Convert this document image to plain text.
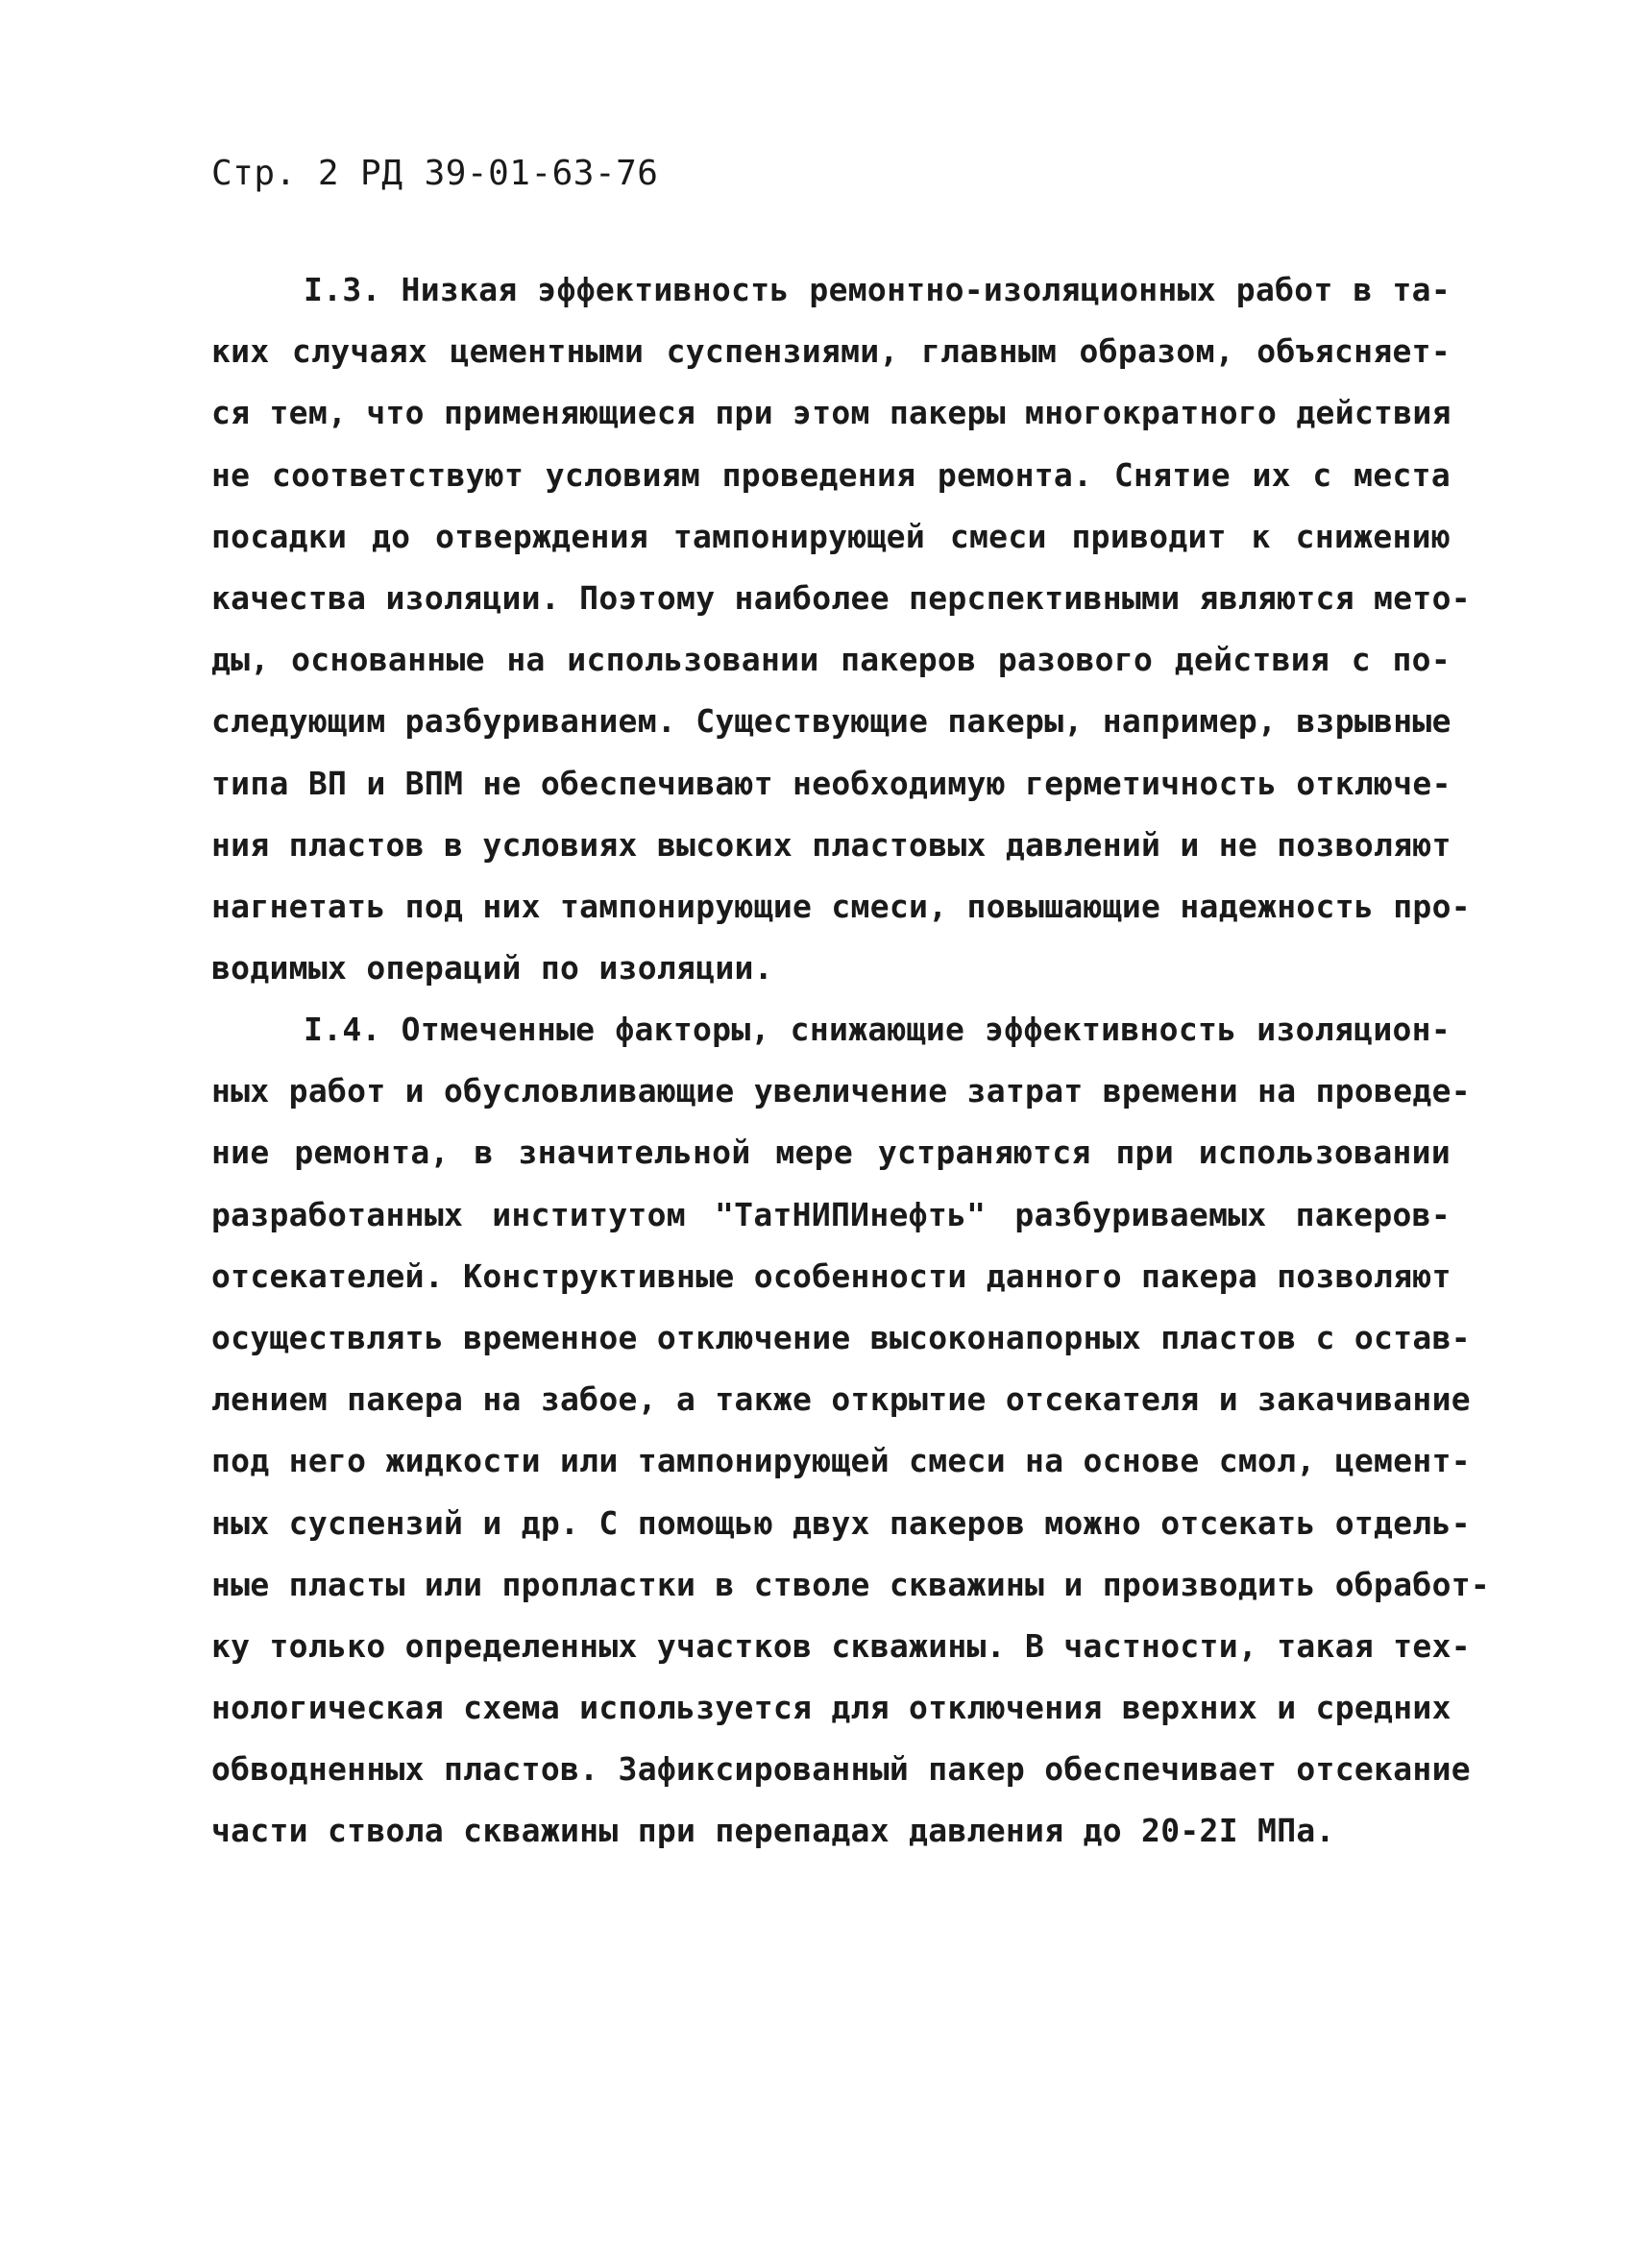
Стр. 2 РД 39-01-63-76
I.3. Низкая эффективность ремонтно-изоляционных работ в та-
ких случаях цементными суспензиями, главным образом, объясняет-
ся тем, что применяющиеся при этом пакеры многократного действия
не соответствуют условиям проведения ремонта. Снятие их с места
посадки до отверждения тампонирующей смеси приводит к снижению
качества изоляции. Поэтому наиболее перспективными являются мето-
ды, основанные на использовании пакеров разового действия с по-
следующим разбуриванием. Существующие пакеры, например, взрывные
типа ВП и ВПМ не обеспечивают необходимую герметичность отключе-
ния пластов в условиях высоких пластовых давлений и не позволяют
нагнетать под них тампонирующие смеси, повышающие надежность про-
водимых операций по изоляции.
I.4. Отмеченные факторы, снижающие эффективность изоляцион-
ных работ и обусловливающие увеличение затрат времени на проведе-
ние ремонта, в значительной мере устраняются при использовании
разработанных институтом "ТатНИПИнефть" разбуриваемых пакеров-
отсекателей. Конструктивные особенности данного пакера позволяют
осуществлять временное отключение высоконапорных пластов с остав-
лением пакера на забое, а также открытие отсекателя и закачивание
под него жидкости или тампонирующей смеси на основе смол, цемент-
ных суспензий и др. С помощью двух пакеров можно отсекать отдель-
ные пласты или пропластки в стволе скважины и производить обработ-
ку только определенных участков скважины. В частности, такая тех-
нологическая схема используется для отключения верхних и средних
обводненных пластов. Зафиксированный пакер обеспечивает отсекание
части ствола скважины при перепадах давления до 20-2I МПа.
